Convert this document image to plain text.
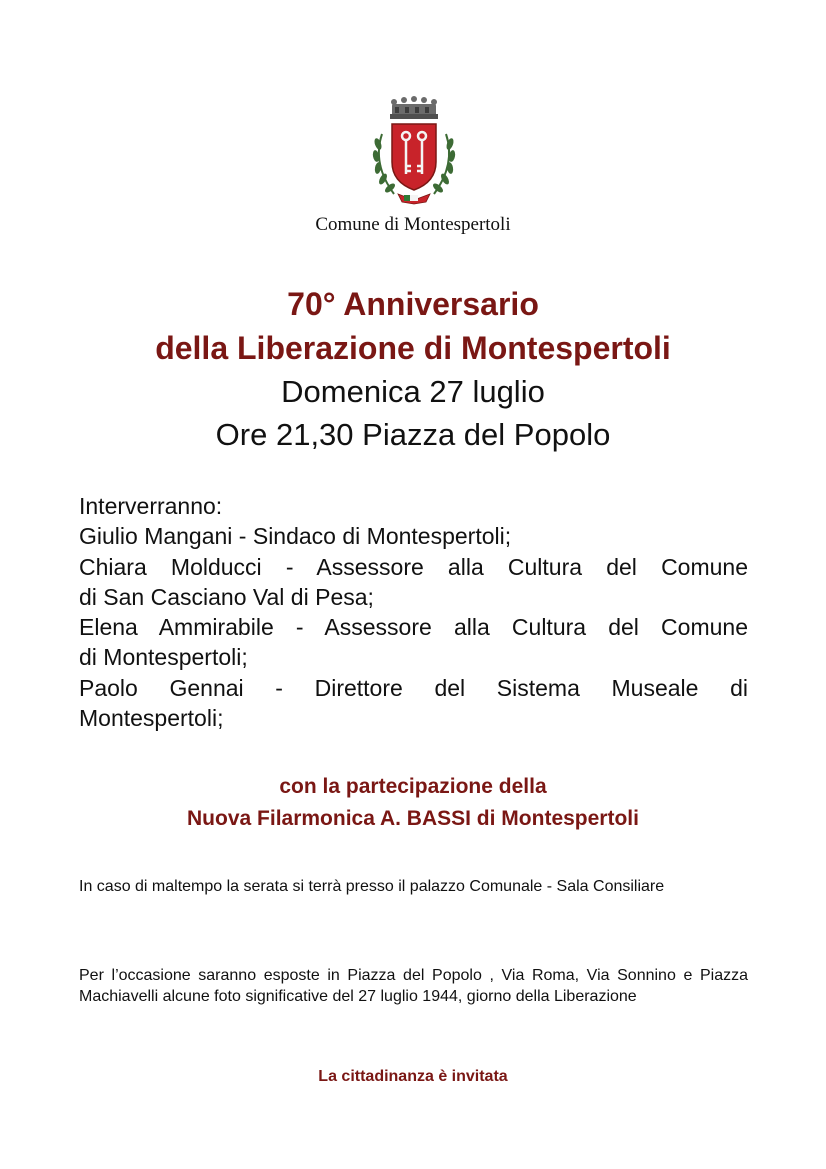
Comune di Montespertoli

70° Anniversario

della Liberazione di Montespertoli

Domenica 27 luglio

Ore 21,30 Piazza del Popolo

Interverranno:
Giulio Mangani - Sindaco di Montespertoli;
Chiara Molducci - Assessore alla Cultura del Comune
di San Casciano Val di Pesa;
Elena Ammirabile - Assessore alla Cultura del Comune
di Montespertoli;
Paolo Gennai - Direttore del Sistema Museale di
Montespertoli;
con la partecipazione della
Nuova Filarmonica A. BASSI di Montespertoli
In caso di maltempo la serata si terrà presso il palazzo Comunale - Sala Consiliare
Per l’occasione saranno esposte in Piazza del Popolo , Via Roma, Via Sonnino e Piazza Machiavelli alcune foto significative del 27 luglio 1944, giorno della Liberazione
La cittadinanza è invitata
